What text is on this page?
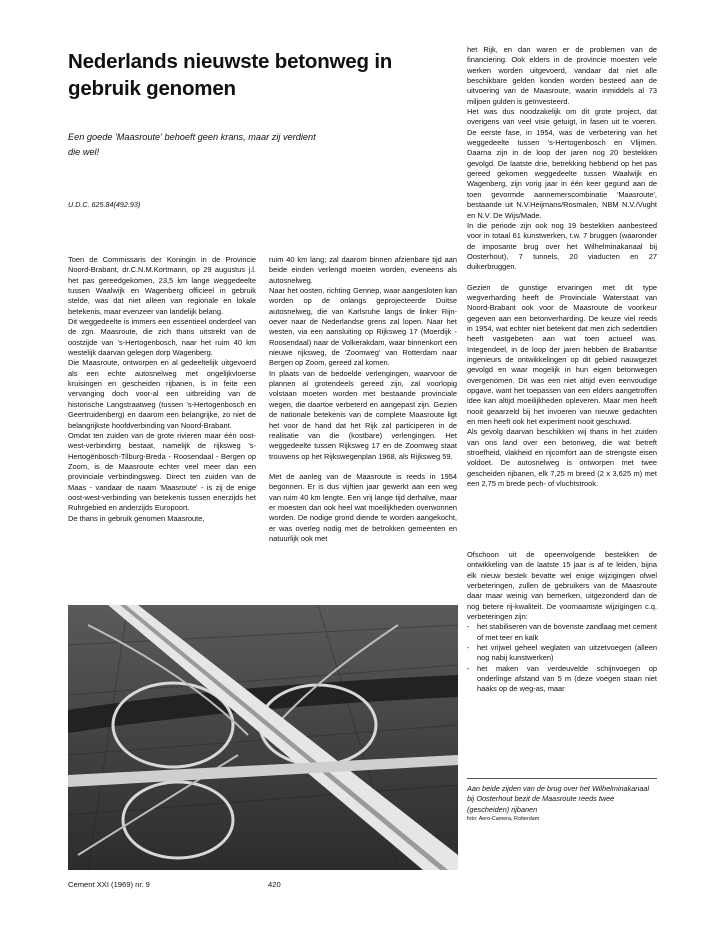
Nederlands nieuwste betonweg in gebruik genomen
Een goede 'Maasroute' behoeft geen krans, maar zij verdient die wel!
U.D.C. 625.84(492.93)

Toen de Commissaris der Koningin in de Provincie Noord-Brabant, dr.C.N.M.Kortmann, op 29 augustus j.l. het pas gereedgekomen, 23,5 km lange weggedeelte tussen Waalwijk en Wagenberg officieel in gebruik stelde, was dat niet alleen van regionale en lokale betekenis, maar evenzeer van landelijk belang.

Dit weggedeelte is immers een essentieel onderdeel van de zgn. Maasroute, die zich thans uitstrekt van de oostzijde van 's-Hertogenbosch, naar het ruim 40 km westelijk daarvan gelegen dorp Wagenberg.

Die Maasroute, ontworpen en al gedeeltelijk uitgevoerd als een echte autosnelweg met ongelijkvloerse kruisingen en gescheiden rijbanen, is in feite een vervanging doch voor-al een uitbreiding van de historische Langstraatweg (tussen 's-Hertogenbosch en Geertruidenberg) en daarom een belangrijke, zo niet de belangrijkste hoofdverbinding van Noord-Brabant.

Omdat ten zuiden van de grote rivieren maar één oost-west-verbindirrg bestaat, namelijk de rijksweg 's-Hertogënbosch-Tilburg-Breda - Roosendaal - Bergen op Zoom, is de Maasroute echter veel meer dan een provinciale verbindingsweg. Direct ten zuiden van de Maas - vandaar de naam 'Maasroute' - is zij de enige oost-west-verbinding van betekenis tussen enerzijds het Ruhrgebied en anderzijds Europoort.

De thans in gebruik genomen Maasroute,

ruim 40 km lang; zal daarom binnen afzienbare tijd aan beide einden verlengd moeten worden, eveneens als autosnelweg.

Naar het oosten, richting Gennep, waar aangesloten kan worden op de onlangs geprojecteerde Duitse autosnelweg, die van Karlsruhe langs de linker Rijn-oever naar de Nederlandse grens zal lopen. Naar het westen, via een aansluiting op Rijksweg 17 (Moerdijk - Roosendaal) naar de Volkerakdam, waar binnenkort een nieuwe rijksweg, de 'Zoomweg' van Rotterdam naar Bergen op Zoom, gereed zal komen.

In plaats van de bedoelde verlengingen, waarvoor de plannen al grotendeels gereed zijn, zal voorlopig volstaan moeten worden met bestaande provinciale wegen, die daartoe verbeterd en aangepast zijn. Gezien de nationale betekenis van de complete Maasroute ligt het voor de hand dat het Rijk zal participeren in de realisatie van die (kostbare) verlengingen. Het weggedeelte tussen Rijksweg 17 en de Zoomweg staat trouwens op het Rijkswegenplan 1968, als Rijksweg 59.

Met de aanleg van de Maasroute is reeds in 1954 begonnen. Er is dus vijftien jaar gewerkt aan een weg van ruim 40 km lengte. Een vrij lange tijd derhalve, maar er moesten dan ook heel wat moeilijkheden overwonnen worden. De nodige grond diende te worden aangekocht, er was overleg nodig met de betrokken gemeenten en natuurlijk ook met

het Rijk, en dan waren er de problemen van de financiering. Ook elders in de provincie moesten vele werken worden uitgevoerd, vandaar dat niet alle beschikbare gelden konden worden besteed aan de uitvoering van de Maasroute, waarin inmiddels al 73 miljoen gulden is geïnvesteerd.

Het was dus noodzakelijk om dit grote project, dat overigens van veel visie getuigt, in fasen uit te voeren. De eerste fase, in 1954, was de verbetering van het weggedeelte tussen 's-Hertogenbosch en Vlijmen. Daarna zijn in de loop der jaren nog 20 bestekken gevolgd. De laatste drie, betrekking hebbend op het pas gereed gekomen weggedeelte tussen Waalwijk en Wagenberg, zijn vorig jaar in één keer gegund aan de toen gevormde aannemerscombinatie 'Maasroute', bestaande uit N.V.Heijmans/Rosmalen, NBM N.V./Vught en N.V. De Wijs/Made.

In die periode zijn ook nog 19 bestekken aanbesteed voor in totaal 61 kunstwerken, t.w. 7 bruggen (waaronder de imposante brug over het Wilhelminakanaal bij Oosterhout), 7 tunnels, 20 viaducten en 27 duikerbruggen.

Gezien de gunstige ervaringen met dit type wegverharding heeft de Provinciale Waterstaat van Noord-Brabant ook voor de Maasroute de voorkeur gegeven aan een betonverharding. De keuze viel reeds in 1954, wat echter niet betekent dat men zich sedertdien heeft vastgebeten aan wat toen actueel was. Integendeel, in de loop der jaren hebben de Brabantse ingenieurs de ontwikkelingen op dit gebied nauwgezet gevolgd en waar mogelijk in hun eigen betonwegen overgenomen. Dit was een niet altijd even eenvoudige opgave, want het toepassen van een elders aangetroffen idee kan altijd moeilijkheden opleveren. Maar men heeft nooit geaarzeld bij het invoeren van nieuwe gedachten en men heeft ook het experiment nooit geschuwd.

Als gevolg daarvan beschikken wij thans in het zuiden van ons land over een betonweg, die wat betreft stroefheid, vlakheid en rijcomfort aan de strengste eisen voldoet. De autosnelweg is ontworpen met twee gescheiden rijbanen, elk 7,25 m breed (2 x 3,625 m) met een 2,75 m brede pech- of vluchtstrook.

Ofschoon uit de opeenvolgende bestekken de ontwikkeling van de laatste 15 jaar is af te leiden, bijna elk nieuw bestek bevatte wel enige wijzigingen ofwel verbeteringen, zullen de gebruikers van de Maasroute daar maar weinig van bemerken, uitgezonderd dan de nog betere rij-kwaliteit. De voornaamste wijzigingen c.q. verbeteringen zijn:

- het stabiliseren van de bovenste zandlaag met cement of met teer en kalk
- het vrijwel geheel weglaten van uitzetvoegen (alleen nog nabij kunstwerken)
- het maken van verdeuvelde schijnvoegen op onderlinge afstand van 5 m (deze voegen staan niet haaks op de weg-as, maar
Aan beide zijden van de brug over het Wilhelminakanaal bij Oosterhout bezit de Maasroute reeds twee (gescheiden) rijbanen
foto: Aero-Camera, Rotterdam
Cement XXI (1969) nr. 9	420
